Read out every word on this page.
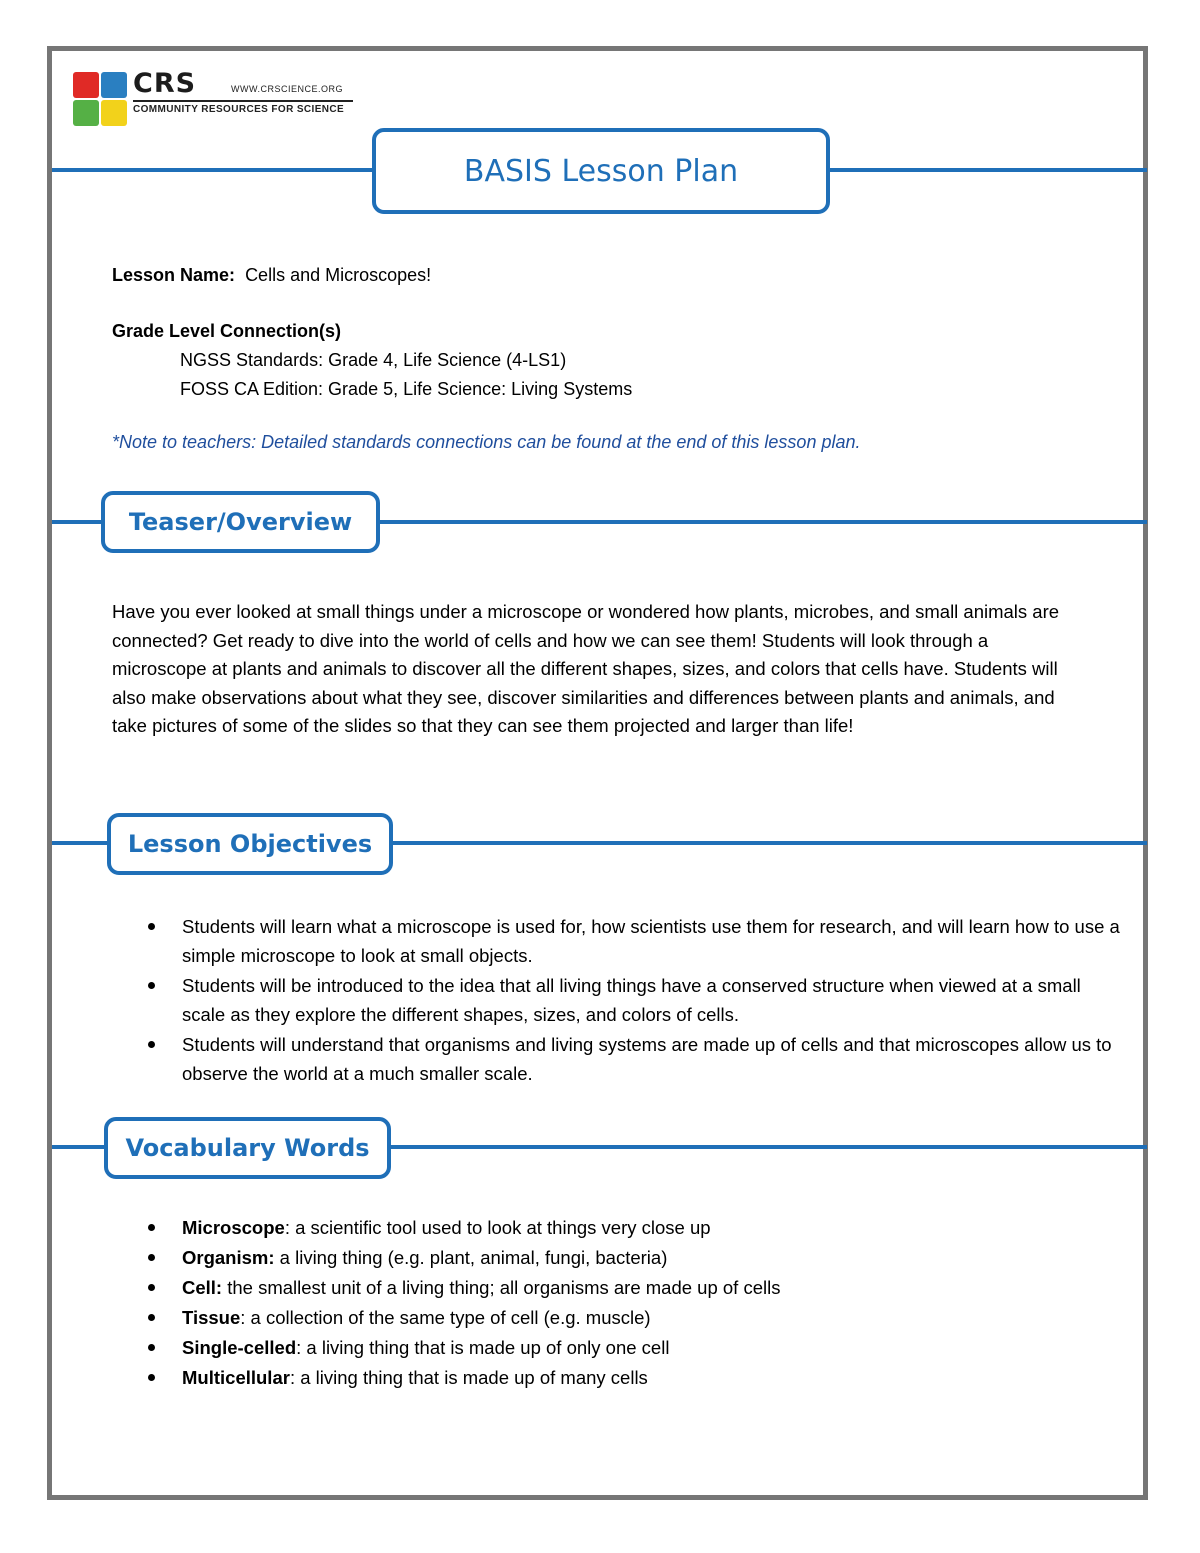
CRS	WWW.CRSCIENCE.ORG
COMMUNITY RESOURCES FOR SCIENCE
BASIS Lesson Plan
Lesson Name: Cells and Microscopes!
Grade Level Connection(s)
NGSS Standards: Grade 4, Life Science (4-LS1)
FOSS CA Edition: Grade 5, Life Science: Living Systems
*Note to teachers: Detailed standards connections can be found at the end of this lesson plan.
Teaser/Overview
Have you ever looked at small things under a microscope or wondered how plants, microbes, and small animals are connected? Get ready to dive into the world of cells and how we can see them! Students will look through a microscope at plants and animals to discover all the different shapes, sizes, and colors that cells have. Students will also make observations about what they see, discover similarities and differences between plants and animals, and take pictures of some of the slides so that they can see them projected and larger than life!
Lesson Objectives
Students will learn what a microscope is used for, how scientists use them for research, and will learn how to use a simple microscope to look at small objects.
Students will be introduced to the idea that all living things have a conserved structure when viewed at a small scale as they explore the different shapes, sizes, and colors of cells.
Students will understand that organisms and living systems are made up of cells and that microscopes allow us to observe the world at a much smaller scale.
Vocabulary Words
Microscope: a scientific tool used to look at things very close up
Organism: a living thing (e.g. plant, animal, fungi, bacteria)
Cell: the smallest unit of a living thing; all organisms are made up of cells
Tissue: a collection of the same type of cell (e.g. muscle)
Single-celled: a living thing that is made up of only one cell
Multicellular: a living thing that is made up of many cells
